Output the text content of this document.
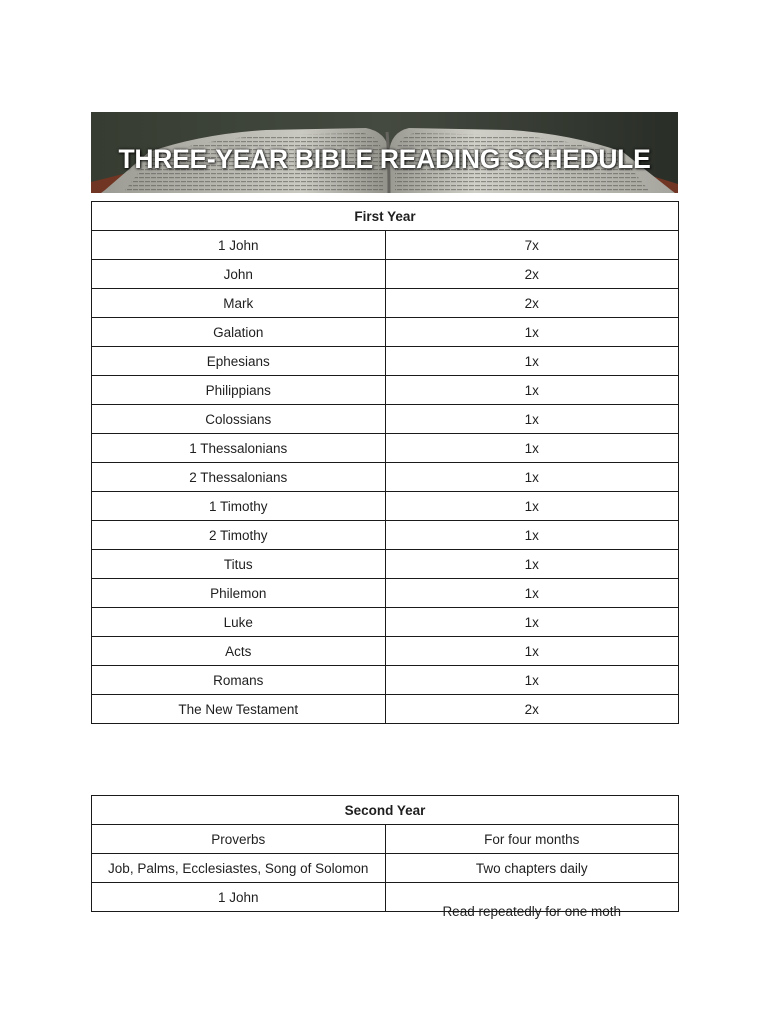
THREE-YEAR BIBLE READING SCHEDULE
First Year	
1 John	7x
John	2x
Mark	2x
Galation	1x
Ephesians	1x
Philippians	1x
Colossians	1x
1 Thessalonians	1x
2 Thessalonians	1x
1 Timothy	1x
2 Timothy	1x
Titus	1x
Philemon	1x
Luke	1x
Acts	1x
Romans	1x
The New Testament	2x
Second Year	
Proverbs	For four months
Job, Palms, Ecclesiastes, Song of Solomon	Two chapters daily
1 John	Read repeatedly for one moth
